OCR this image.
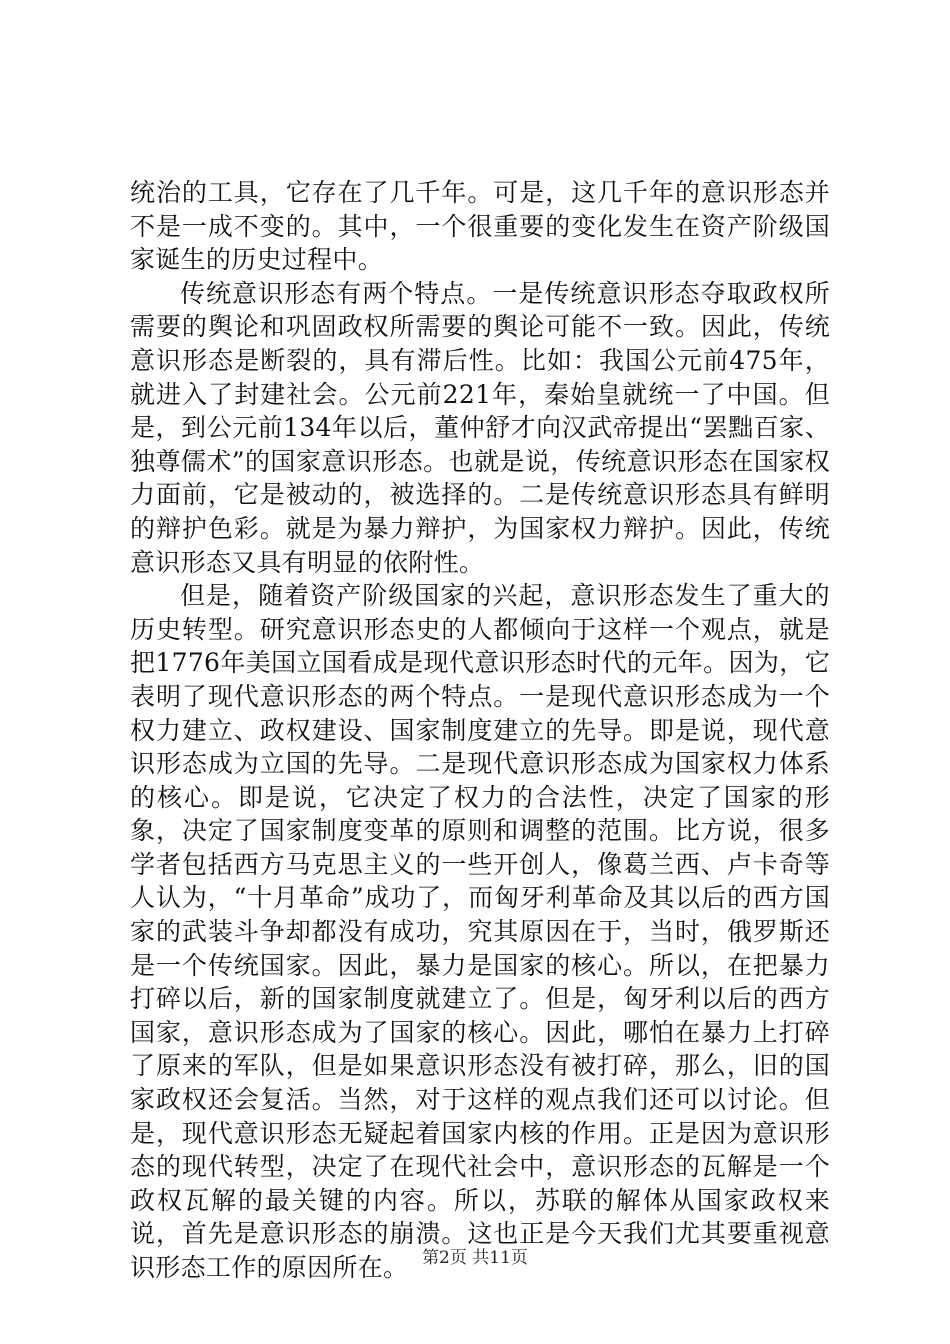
统治的工具，它存在了几千年。可是，这几千年的意识形态并不是一成不变的。其中，一个很重要的变化发生在资产阶级国家诞生的历史过程中。

传统意识形态有两个特点。一是传统意识形态夺取政权所需要的舆论和巩固政权所需要的舆论可能不一致。因此，传统意识形态是断裂的，具有滞后性。比如：我国公元前475年，就进入了封建社会。公元前221年，秦始皇就统一了中国。但是，到公元前134年以后，董仲舒才向汉武帝提出“罢黜百家、独尊儒术”的国家意识形态。也就是说，传统意识形态在国家权力面前，它是被动的，被选择的。二是传统意识形态具有鲜明的辩护色彩。就是为暴力辩护，为国家权力辩护。因此，传统意识形态又具有明显的依附性。

但是，随着资产阶级国家的兴起，意识形态发生了重大的历史转型。研究意识形态史的人都倾向于这样一个观点，就是把1776年美国立国看成是现代意识形态时代的元年。因为，它表明了现代意识形态的两个特点。一是现代意识形态成为一个权力建立、政权建设、国家制度建立的先导。即是说，现代意识形态成为立国的先导。二是现代意识形态成为国家权力体系的核心。即是说，它决定了权力的合法性，决定了国家的形象，决定了国家制度变革的原则和调整的范围。比方说，很多学者包括西方马克思主义的一些开创人，像葛兰西、卢卡奇等人认为，“十月革命”成功了，而匈牙利革命及其以后的西方国家的武装斗争却都没有成功，究其原因在于，当时，俄罗斯还是一个传统国家。因此，暴力是国家的核心。所以，在把暴力打碎以后，新的国家制度就建立了。但是，匈牙利以后的西方国家，意识形态成为了国家的核心。因此，哪怕在暴力上打碎了原来的军队，但是如果意识形态没有被打碎，那么，旧的国家政权还会复活。当然，对于这样的观点我们还可以讨论。但是，现代意识形态无疑起着国家内核的作用。正是因为意识形态的现代转型，决定了在现代社会中，意识形态的瓦解是一个政权瓦解的最关键的内容。所以，苏联的解体从国家政权来说，首先是意识形态的崩溃。这也正是今天我们尤其要重视意识形态工作的原因所在。 第2页 共11页
